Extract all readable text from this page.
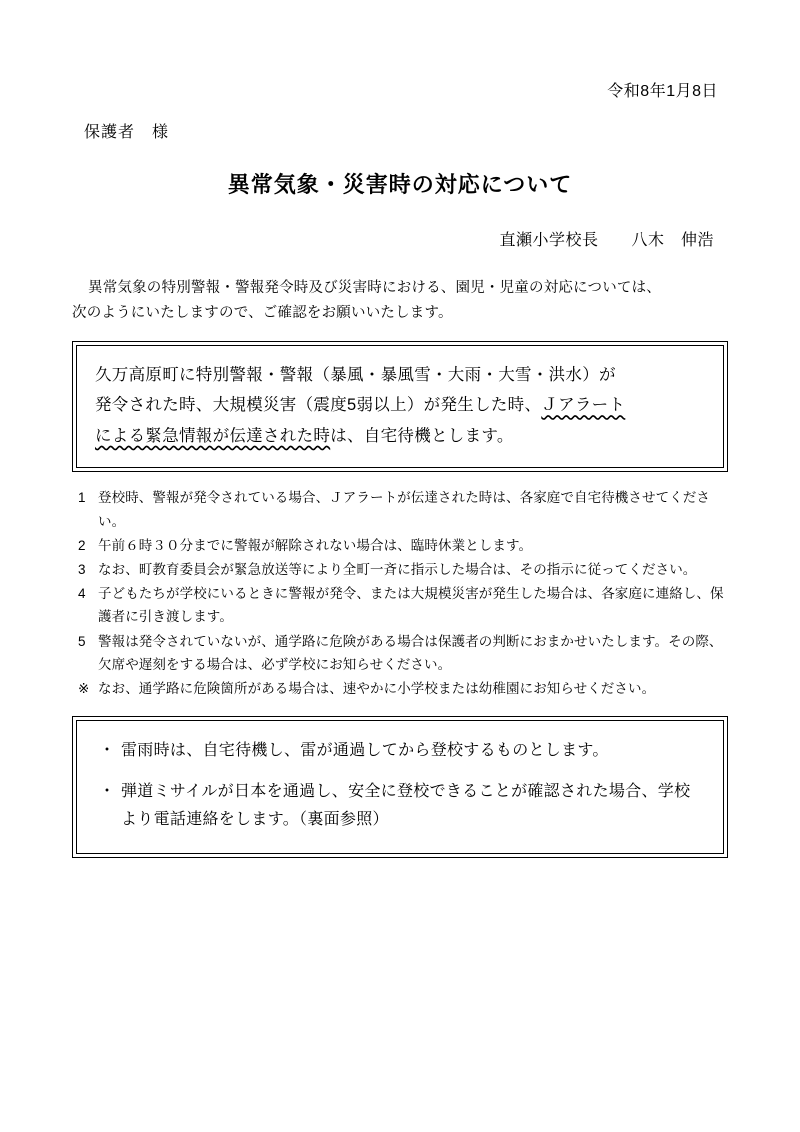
令和8年1月8日
保護者　様
異常気象・災害時の対応について
直瀬小学校長　　八木　伸浩
異常気象の特別警報・警報発令時及び災害時における、園児・児童の対応については、
次のようにいたしますので、ご確認をお願いいたします。
久万高原町に特別警報・警報（暴風・暴風雪・大雨・大雪・洪水）が
発令された時、大規模災害（震度5弱以上）が発生した時、Ｊアラート
による緊急情報が伝達された時は、自宅待機とします。
1 登校時、警報が発令されている場合、Ｊアラートが伝達された時は、各家庭で自宅待機させてください。
2 午前６時３０分までに警報が解除されない場合は、臨時休業とします。
3 なお、町教育委員会が緊急放送等により全町一斉に指示した場合は、その指示に従ってください。
4 子どもたちが学校にいるときに警報が発令、または大規模災害が発生した場合は、各家庭に連絡し、保護者に引き渡します。
5 警報は発令されていないが、通学路に危険がある場合は保護者の判断におまかせいたします。その際、欠席や遅刻をする場合は、必ず学校にお知らせください。
※ なお、通学路に危険箇所がある場合は、速やかに小学校または幼稚園にお知らせください。
・ 雷雨時は、自宅待機し、雷が通過してから登校するものとします。
・ 弾道ミサイルが日本を通過し、安全に登校できることが確認された場合、学校より電話連絡をします。（裏面参照）
